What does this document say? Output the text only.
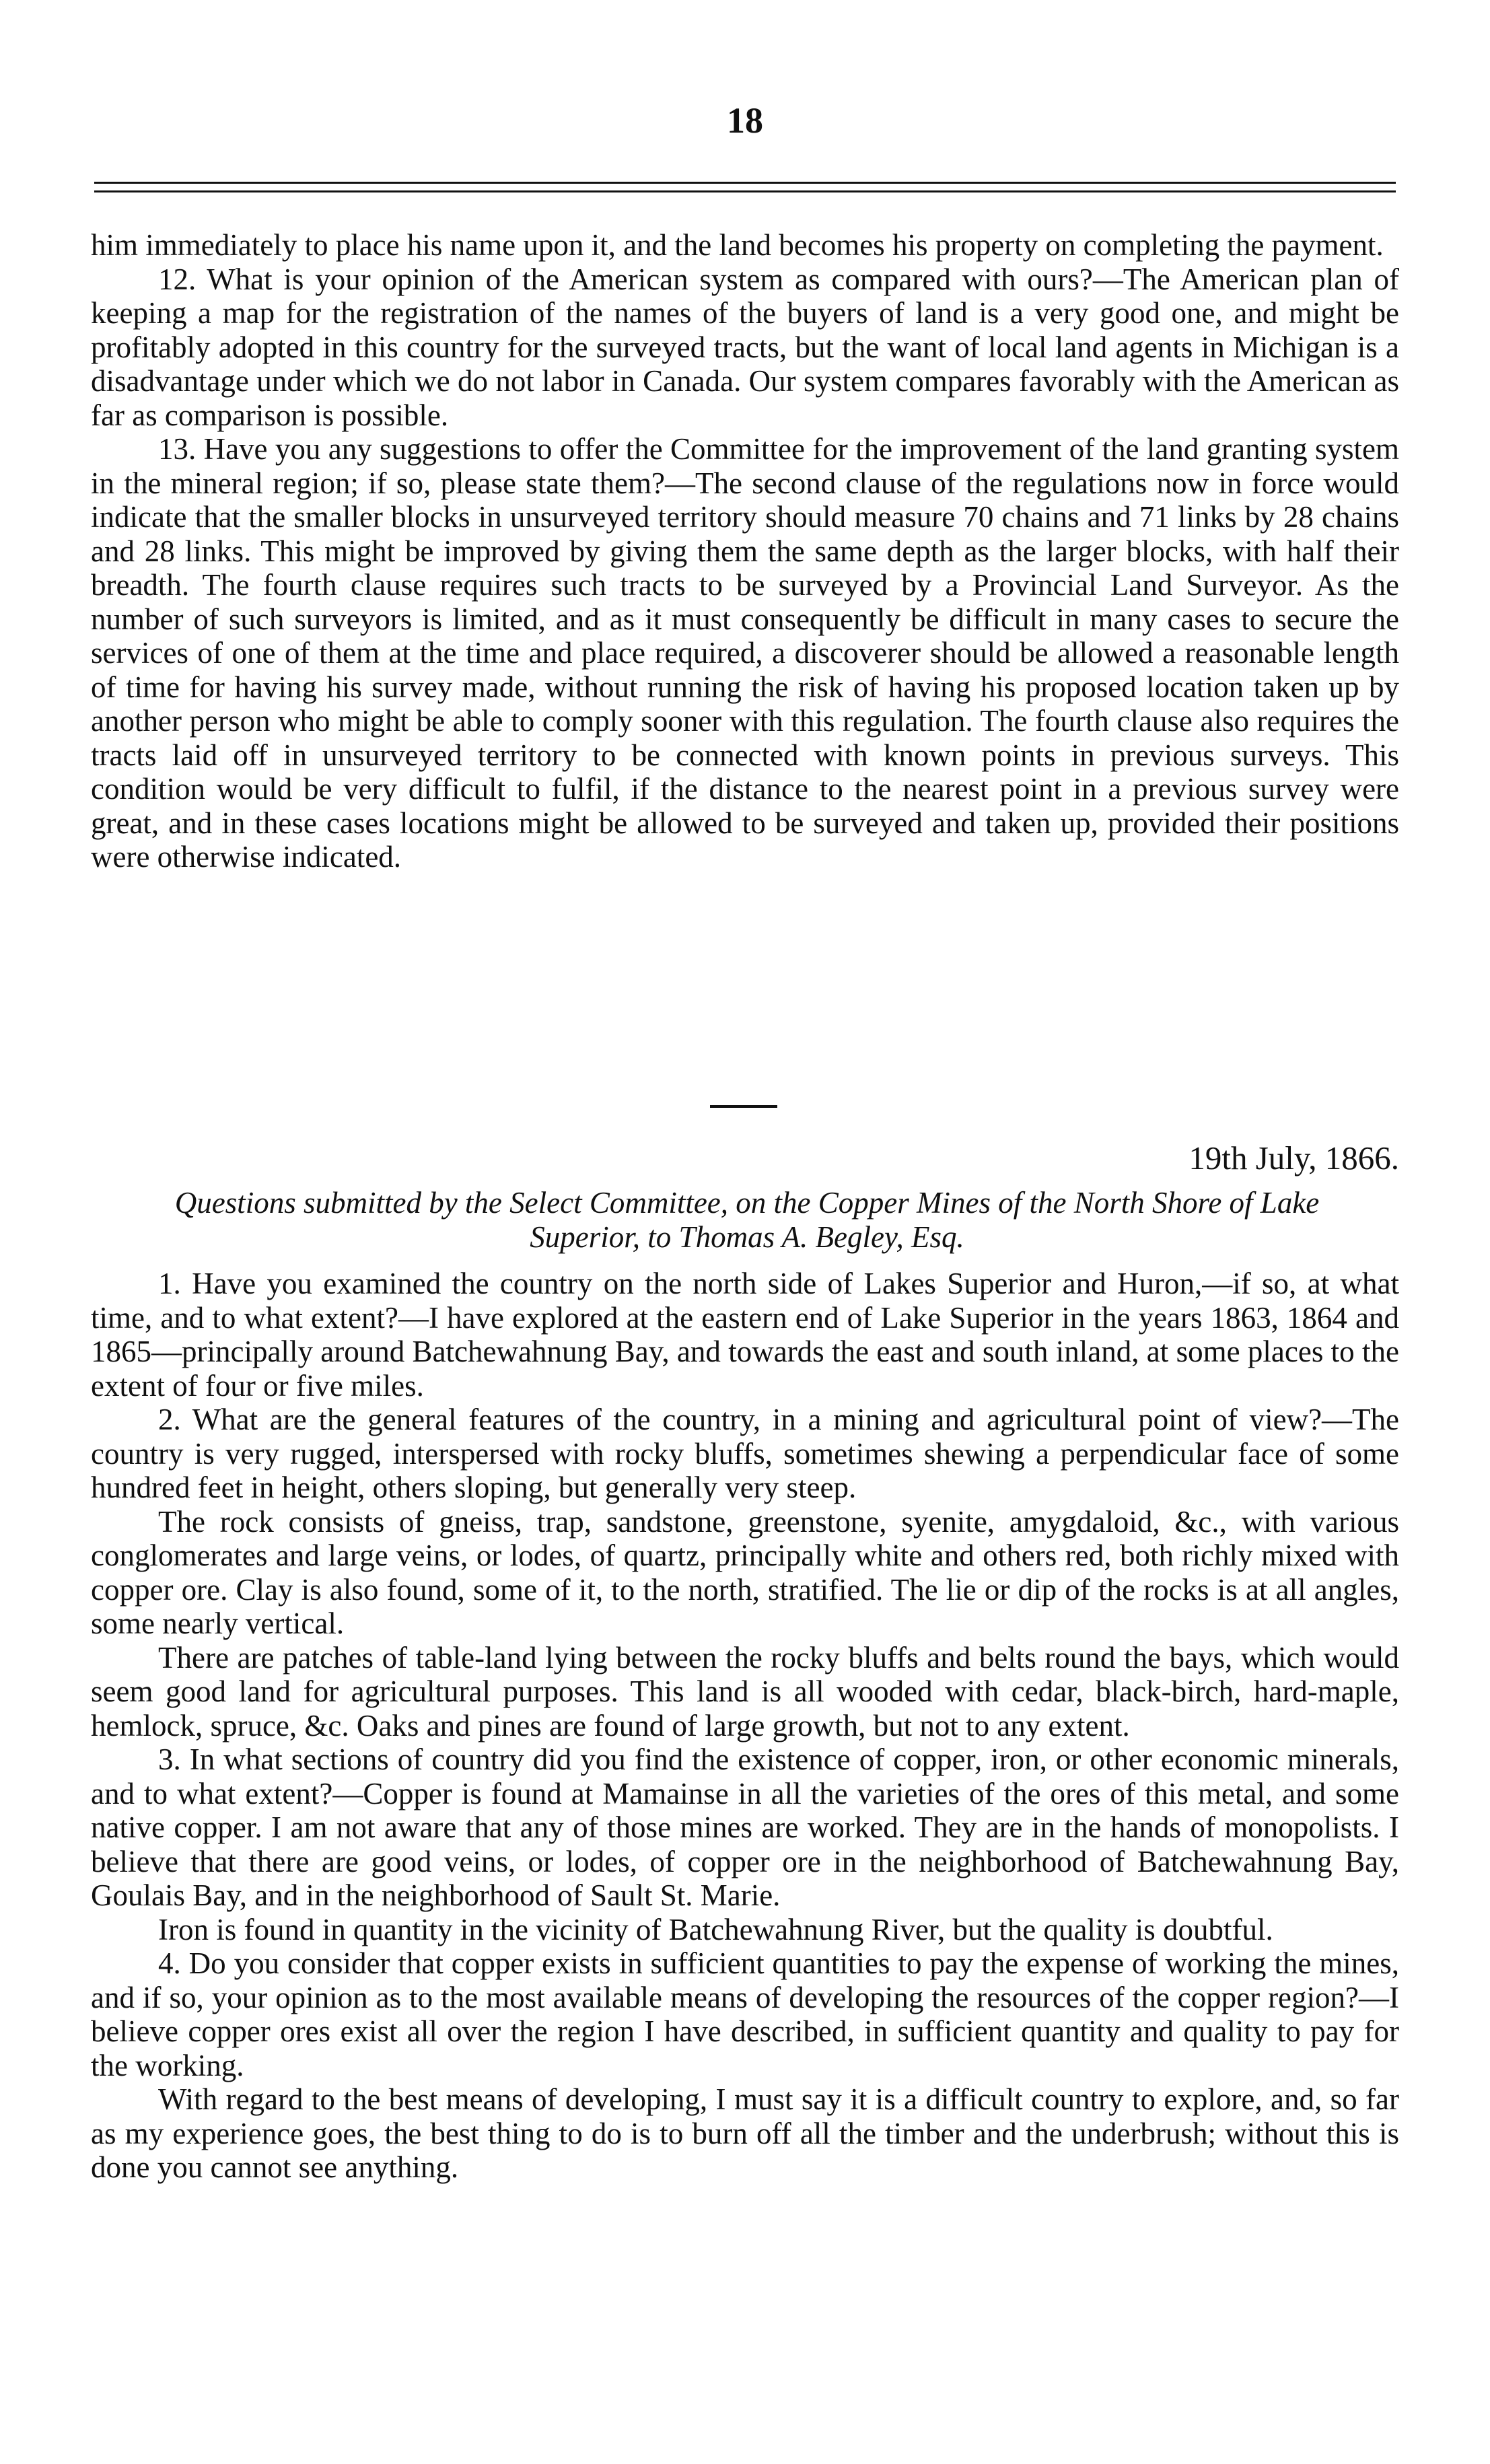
18

him immediately to place his name upon it, and the land becomes his property on completing the payment.

12. What is your opinion of the American system as compared with ours?—The American plan of keeping a map for the registration of the names of the buyers of land is a very good one, and might be profitably adopted in this country for the surveyed tracts, but the want of local land agents in Michigan is a disadvantage under which we do not labor in Canada. Our system compares favorably with the American as far as comparison is possible.

13. Have you any suggestions to offer the Committee for the improvement of the land granting system in the mineral region; if so, please state them?—The second clause of the regulations now in force would indicate that the smaller blocks in unsurveyed territory should measure 70 chains and 71 links by 28 chains and 28 links. This might be improved by giving them the same depth as the larger blocks, with half their breadth. The fourth clause requires such tracts to be surveyed by a Provincial Land Surveyor. As the number of such surveyors is limited, and as it must consequently be difficult in many cases to secure the services of one of them at the time and place required, a discoverer should be allowed a reasonable length of time for having his survey made, without running the risk of having his proposed location taken up by another person who might be able to comply sooner with this regulation. The fourth clause also requires the tracts laid off in unsurveyed territory to be connected with known points in previous surveys. This condition would be very difficult to fulfil, if the distance to the nearest point in a previous survey were great, and in these cases locations might be allowed to be surveyed and taken up, provided their positions were otherwise indicated.

19th July, 1866.
Questions submitted by the Select Committee, on the Copper Mines of the North Shore of Lake Superior, to Thomas A. Begley, Esq.

1. Have you examined the country on the north side of Lakes Superior and Huron,—if so, at what time, and to what extent?—I have explored at the eastern end of Lake Superior in the years 1863, 1864 and 1865—principally around Batchewahnung Bay, and towards the east and south inland, at some places to the extent of four or five miles.

2. What are the general features of the country, in a mining and agricultural point of view?—The country is very rugged, interspersed with rocky bluffs, sometimes shewing a perpendicular face of some hundred feet in height, others sloping, but generally very steep.

The rock consists of gneiss, trap, sandstone, greenstone, syenite, amygdaloid, &c., with various conglomerates and large veins, or lodes, of quartz, principally white and others red, both richly mixed with copper ore. Clay is also found, some of it, to the north, stratified. The lie or dip of the rocks is at all angles, some nearly vertical.

There are patches of table-land lying between the rocky bluffs and belts round the bays, which would seem good land for agricultural purposes. This land is all wooded with cedar, black-birch, hard-maple, hemlock, spruce, &c. Oaks and pines are found of large growth, but not to any extent.

3. In what sections of country did you find the existence of copper, iron, or other economic minerals, and to what extent?—Copper is found at Mamainse in all the varieties of the ores of this metal, and some native copper. I am not aware that any of those mines are worked. They are in the hands of monopolists. I believe that there are good veins, or lodes, of copper ore in the neighborhood of Batchewahnung Bay, Goulais Bay, and in the neighborhood of Sault St. Marie.

Iron is found in quantity in the vicinity of Batchewahnung River, but the quality is doubtful.

4. Do you consider that copper exists in sufficient quantities to pay the expense of working the mines, and if so, your opinion as to the most available means of developing the resources of the copper region?—I believe copper ores exist all over the region I have described, in sufficient quantity and quality to pay for the working.

With regard to the best means of developing, I must say it is a difficult country to explore, and, so far as my experience goes, the best thing to do is to burn off all the timber and the underbrush; without this is done you cannot see anything.
